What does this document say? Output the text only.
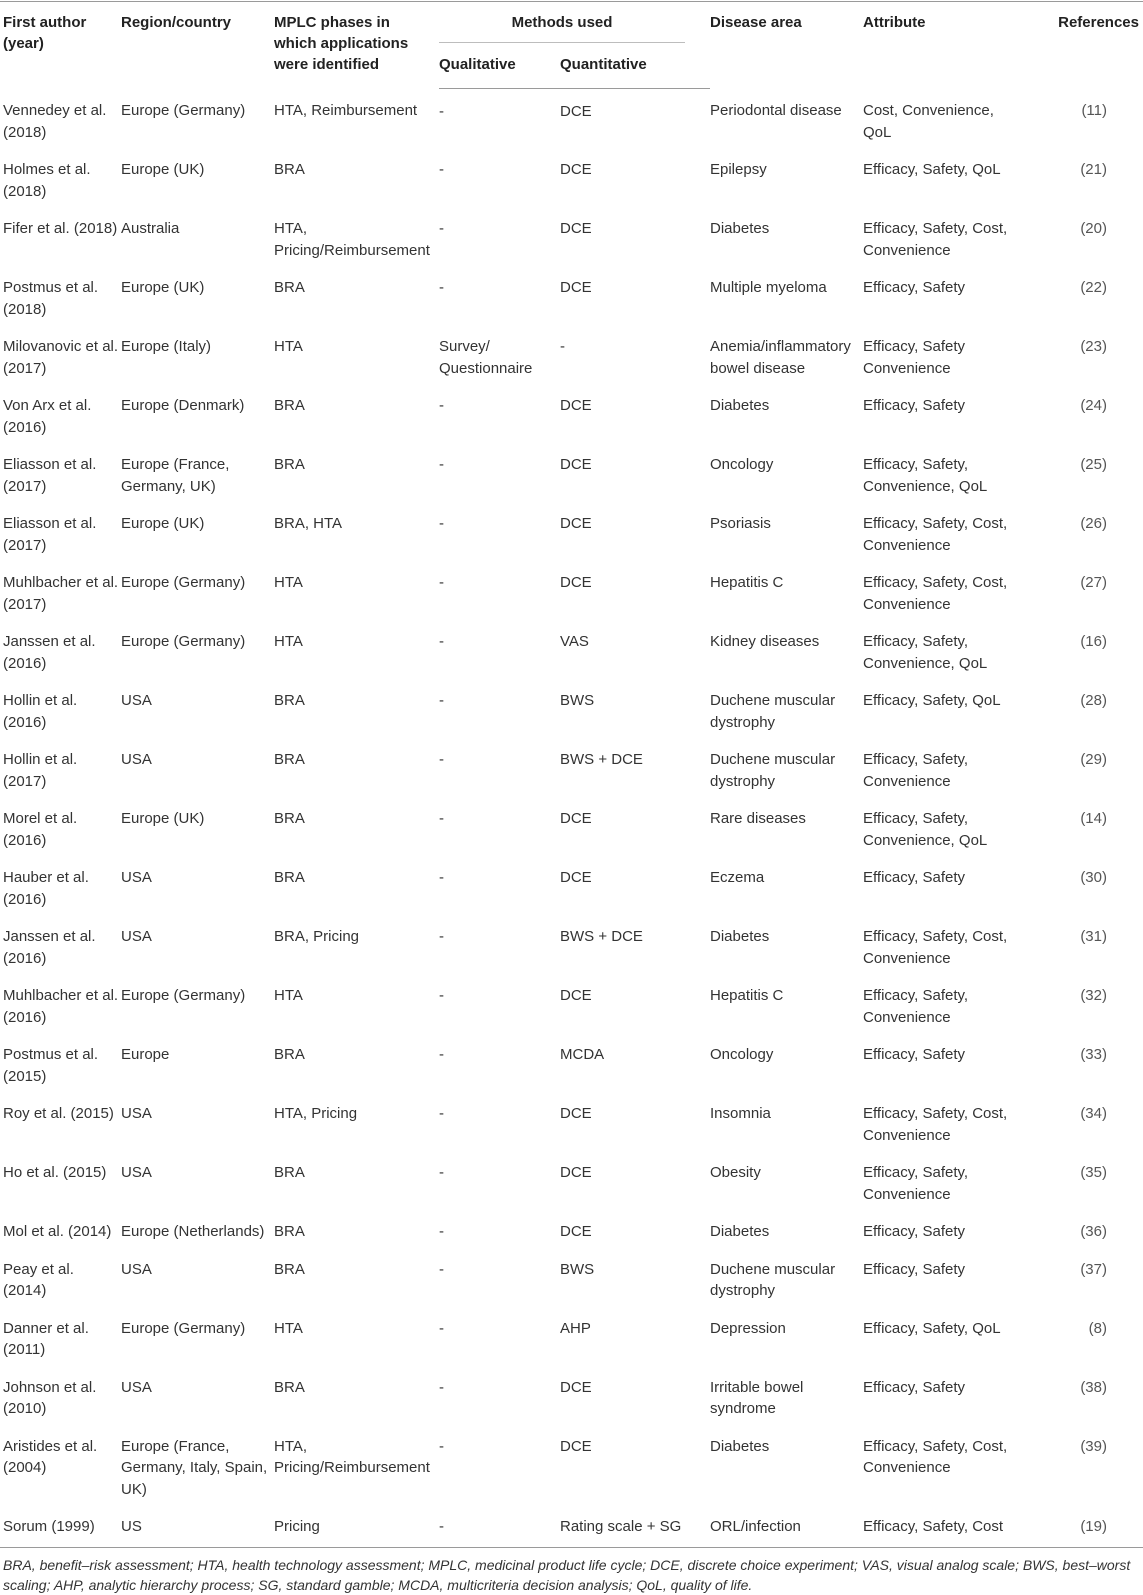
First author (year)	Region/country	MPLC phases in which applications were identified	Methods used		Disease area	Attribute	References
			Qualitative	Quantitative			
Vennedey et al. (2018)	Europe (Germany)	HTA, Reimbursement	-	DCE	Periodontal disease	Cost, Convenience, QoL	(11)
Holmes et al. (2018)	Europe (UK)	BRA	-	DCE	Epilepsy	Efficacy, Safety, QoL	(21)
Fifer et al. (2018)	Australia	HTA, Pricing/Reimbursement	-	DCE	Diabetes	Efficacy, Safety, Cost, Convenience	(20)
Postmus et al. (2018)	Europe (UK)	BRA	-	DCE	Multiple myeloma	Efficacy, Safety	(22)
Milovanovic et al. (2017)	Europe (Italy)	HTA	Survey/ Questionnaire	-	Anemia/inflammatory bowel disease	Efficacy, Safety Convenience	(23)
Von Arx et al. (2016)	Europe (Denmark)	BRA	-	DCE	Diabetes	Efficacy, Safety	(24)
Eliasson et al. (2017)	Europe (France, Germany, UK)	BRA	-	DCE	Oncology	Efficacy, Safety, Convenience, QoL	(25)
Eliasson et al. (2017)	Europe (UK)	BRA, HTA	-	DCE	Psoriasis	Efficacy, Safety, Cost, Convenience	(26)
Muhlbacher et al. (2017)	Europe (Germany)	HTA	-	DCE	Hepatitis C	Efficacy, Safety, Cost, Convenience	(27)
Janssen et al. (2016)	Europe (Germany)	HTA	-	VAS	Kidney diseases	Efficacy, Safety, Convenience, QoL	(16)
Hollin et al. (2016)	USA	BRA	-	BWS	Duchene muscular dystrophy	Efficacy, Safety, QoL	(28)
Hollin et al. (2017)	USA	BRA	-	BWS + DCE	Duchene muscular dystrophy	Efficacy, Safety, Convenience	(29)
Morel et al. (2016)	Europe (UK)	BRA	-	DCE	Rare diseases	Efficacy, Safety, Convenience, QoL	(14)
Hauber et al. (2016)	USA	BRA	-	DCE	Eczema	Efficacy, Safety	(30)
Janssen et al. (2016)	USA	BRA, Pricing	-	BWS + DCE	Diabetes	Efficacy, Safety, Cost, Convenience	(31)
Muhlbacher et al. (2016)	Europe (Germany)	HTA	-	DCE	Hepatitis C	Efficacy, Safety, Convenience	(32)
Postmus et al. (2015)	Europe	BRA	-	MCDA	Oncology	Efficacy, Safety	(33)
Roy et al. (2015)	USA	HTA, Pricing	-	DCE	Insomnia	Efficacy, Safety, Cost, Convenience	(34)
Ho et al. (2015)	USA	BRA	-	DCE	Obesity	Efficacy, Safety, Convenience	(35)
Mol et al. (2014)	Europe (Netherlands)	BRA	-	DCE	Diabetes	Efficacy, Safety	(36)
Peay et al. (2014)	USA	BRA	-	BWS	Duchene muscular dystrophy	Efficacy, Safety	(37)
Danner et al. (2011)	Europe (Germany)	HTA	-	AHP	Depression	Efficacy, Safety, QoL	(8)
Johnson et al. (2010)	USA	BRA	-	DCE	Irritable bowel syndrome	Efficacy, Safety	(38)
Aristides et al. (2004)	Europe (France, Germany, Italy, Spain, UK)	HTA, Pricing/Reimbursement	-	DCE	Diabetes	Efficacy, Safety, Cost, Convenience	(39)
Sorum (1999)	US	Pricing	-	Rating scale + SG	ORL/infection	Efficacy, Safety, Cost	(19)
BRA, benefit–risk assessment; HTA, health technology assessment; MPLC, medicinal product life cycle; DCE, discrete choice experiment; VAS, visual analog scale; BWS, best–worst scaling; AHP, analytic hierarchy process; SG, standard gamble; MCDA, multicriteria decision analysis; QoL, quality of life.							
